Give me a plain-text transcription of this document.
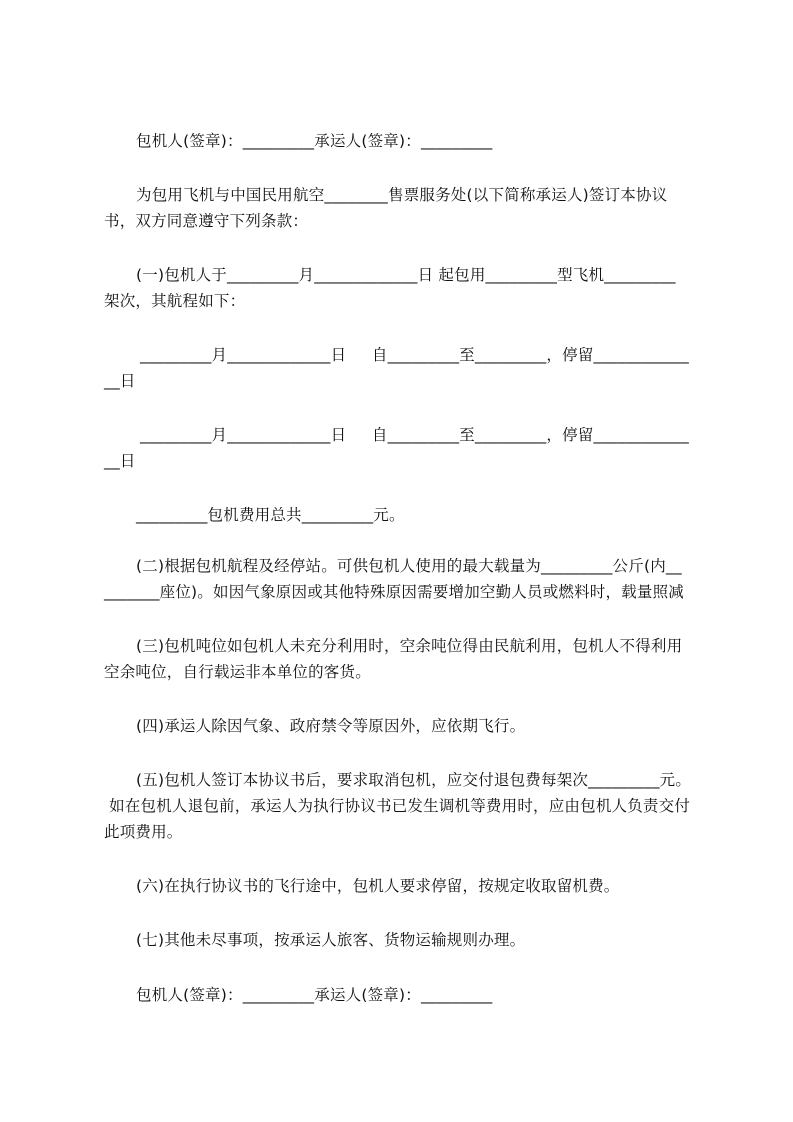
包机人(签章)：_________承运人(签章)：_________
为包用飞机与中国民用航空________售票服务处(以下简称承运人)签订本协议
书，双方同意遵守下列条款：
(一)包机人于_________月_____________日 起包用_________型飞机_________
架次，其航程如下：
_________月_____________日     自_________至_________，停留____________
__日
_________月_____________日     自_________至_________，停留____________
__日
_________包机费用总共_________元。
(二)根据包机航程及经停站。可供包机人使用的最大载量为_________公斤(内__
_______座位)。如因气象原因或其他特殊原因需要增加空勤人员或燃料时，载量照减
(三)包机吨位如包机人未充分利用时，空余吨位得由民航利用，包机人不得利用
空余吨位，自行载运非本单位的客货。
(四)承运人除因气象、政府禁令等原因外，应依期飞行。
(五)包机人签订本协议书后，要求取消包机，应交付退包费每架次_________元。
如在包机人退包前，承运人为执行协议书已发生调机等费用时，应由包机人负责交付
此项费用。
(六)在执行协议书的飞行途中，包机人要求停留，按规定收取留机费。
(七)其他未尽事项，按承运人旅客、货物运输规则办理。
包机人(签章)：_________承运人(签章)：_________
